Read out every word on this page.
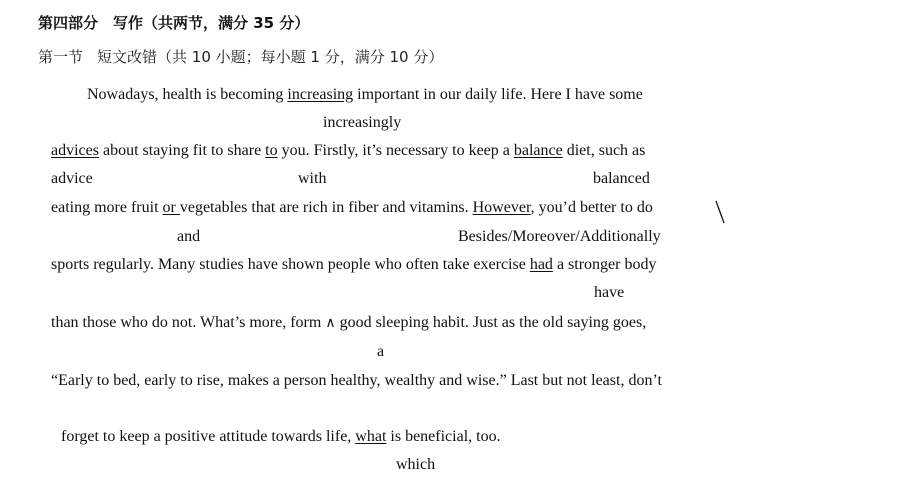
第四部分　写作（共两节，满分 35 分）
第一节 短文改错（共 10 小题；每小题 1 分，满分 10 分）
Nowadays, health is becoming increasing important in our daily life. Here I have some
increasingly
advices about staying fit to share to you. Firstly, it’s necessary to keep a balance diet, such as
advice	with	balanced
eating more fruit or vegetables that are rich in fiber and vitamins. However, you’d better to do
and	Besides/Moreover/Additionally
sports regularly. Many studies have shown people who often take exercise had a stronger body
have
than those who do not. What’s more, form ∧ good sleeping habit. Just as the old saying goes,
a
“Early to bed, early to rise, makes a person healthy, wealthy and wise.” Last but not least, don’t
forget to keep a positive attitude towards life, what is beneficial, too.
which
